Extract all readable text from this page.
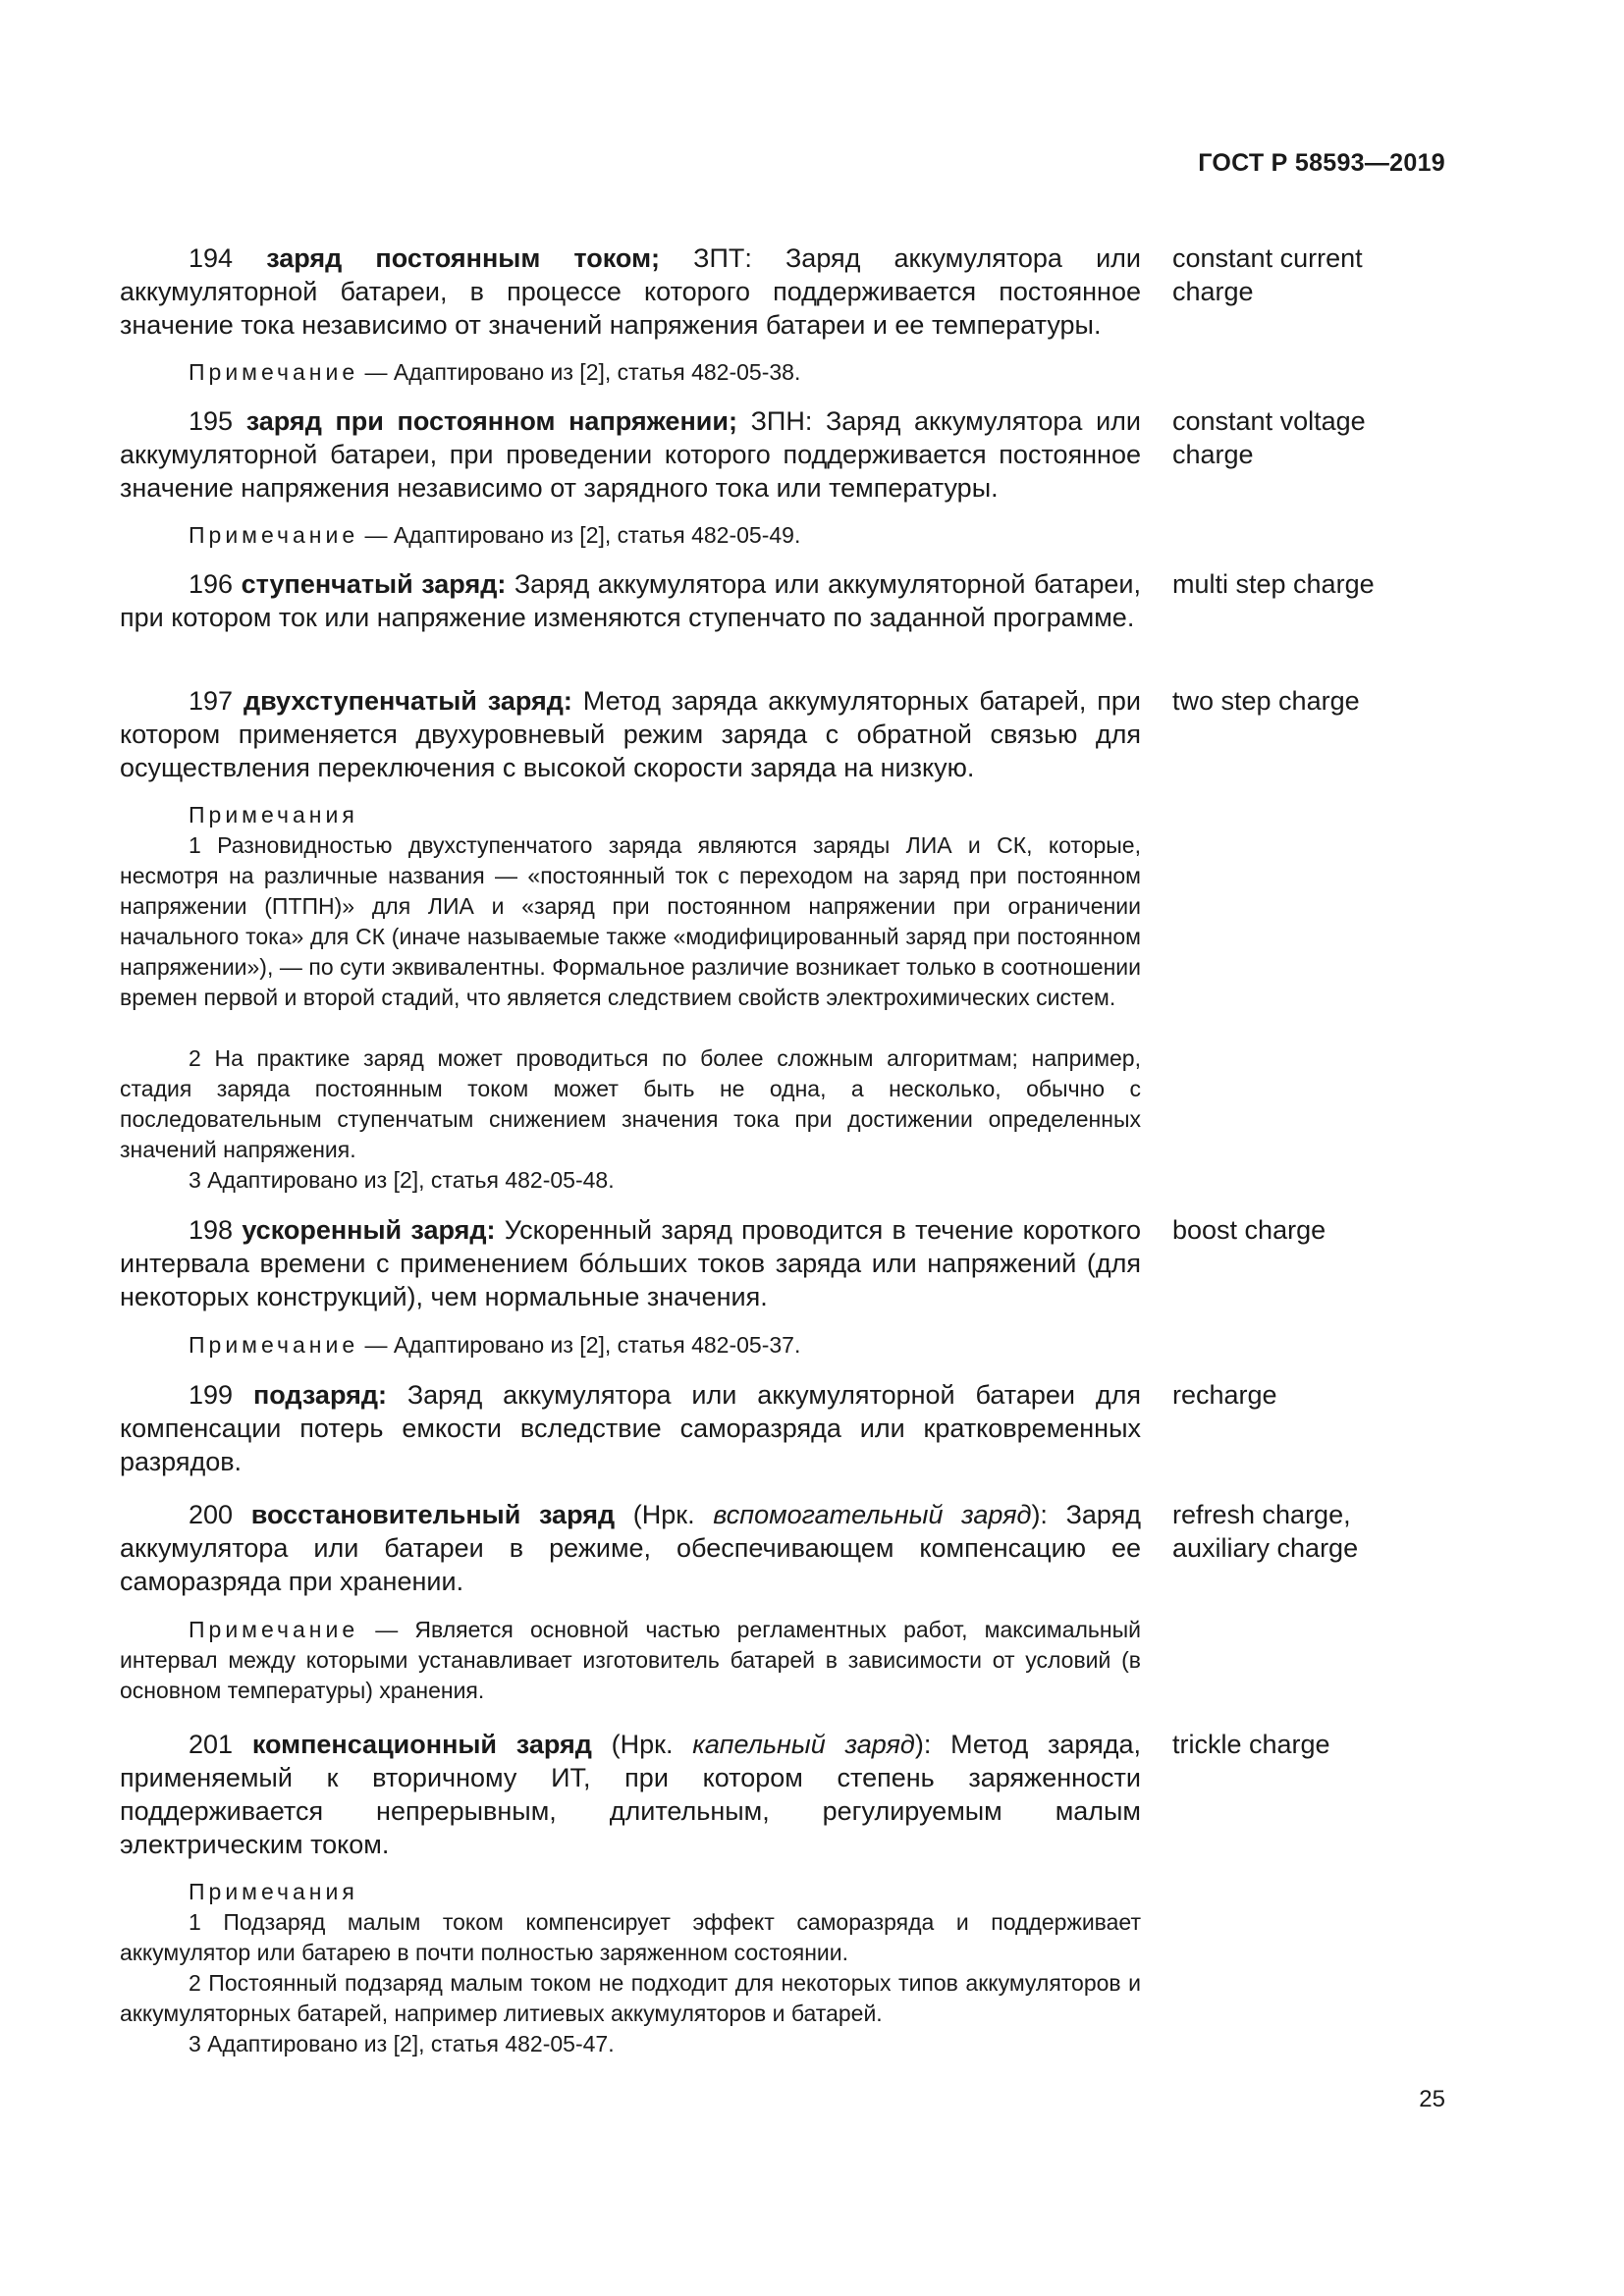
ГОСТ Р 58593—2019

194 заряд постоянным током; ЗПТ: Заряд аккумулятора или аккумуляторной батареи, в процессе которого поддерживается постоянное значение тока независимо от значений напряжения батареи и ее температуры.

constant current charge

Примечание — Адаптировано из [2], статья 482-05-38.

195 заряд при постоянном напряжении; ЗПН: Заряд аккумулятора или аккумуляторной батареи, при проведении которого поддерживается постоянное значение напряжения независимо от зарядного тока или температуры.

constant voltage charge

Примечание — Адаптировано из [2], статья 482-05-49.

196 ступенчатый заряд: Заряд аккумулятора или аккумуляторной батареи, при котором ток или напряжение изменяются ступенчато по заданной программе.

multi step charge

197 двухступенчатый заряд: Метод заряда аккумуляторных батарей, при котором применяется двухуровневый режим заряда с обратной связью для осуществления переключения с высокой скорости заряда на низкую.

two step charge

Примечания

1 Разновидностью двухступенчатого заряда являются заряды ЛИА и СК, которые, несмотря на различные названия — «постоянный ток с переходом на заряд при постоянном напряжении (ПТПН)» для ЛИА и «заряд при постоянном напряжении при ограничении начального тока» для СК (иначе называемые также «модифицированный заряд при постоянном напряжении»), — по сути эквивалентны. Формальное различие возникает только в соотношении времен первой и второй стадий, что является следствием свойств электрохимических систем.

2 На практике заряд может проводиться по более сложным алгоритмам; например, стадия заряда постоянным током может быть не одна, а несколько, обычно с последовательным ступенчатым снижением значения тока при достижении определенных значений напряжения.

3 Адаптировано из [2], статья 482-05-48.

198 ускоренный заряд: Ускоренный заряд проводится в течение короткого интервала времени с применением бóльших токов заряда или напряжений (для некоторых конструкций), чем нормальные значения.

boost charge

Примечание — Адаптировано из [2], статья 482-05-37.

199 подзаряд: Заряд аккумулятора или аккумуляторной батареи для компенсации потерь емкости вследствие саморазряда или кратковременных разрядов.

recharge

200 восстановительный заряд (Нрк. вспомогательный заряд): Заряд аккумулятора или батареи в режиме, обеспечивающем компенсацию ее саморазряда при хранении.

refresh charge, auxiliary charge

Примечание — Является основной частью регламентных работ, максимальный интервал между которыми устанавливает изготовитель батарей в зависимости от условий (в основном температуры) хранения.

201 компенсационный заряд (Нрк. капельный заряд): Метод заряда, применяемый к вторичному ИТ, при котором степень заряженности поддерживается непрерывным, длительным, регулируемым малым электрическим током.

trickle charge

Примечания

1 Подзаряд малым током компенсирует эффект саморазряда и поддерживает аккумулятор или батарею в почти полностью заряженном состоянии.

2 Постоянный подзаряд малым током не подходит для некоторых типов аккумуляторов и аккумуляторных батарей, например литиевых аккумуляторов и батарей.

3 Адаптировано из [2], статья 482-05-47.

25
